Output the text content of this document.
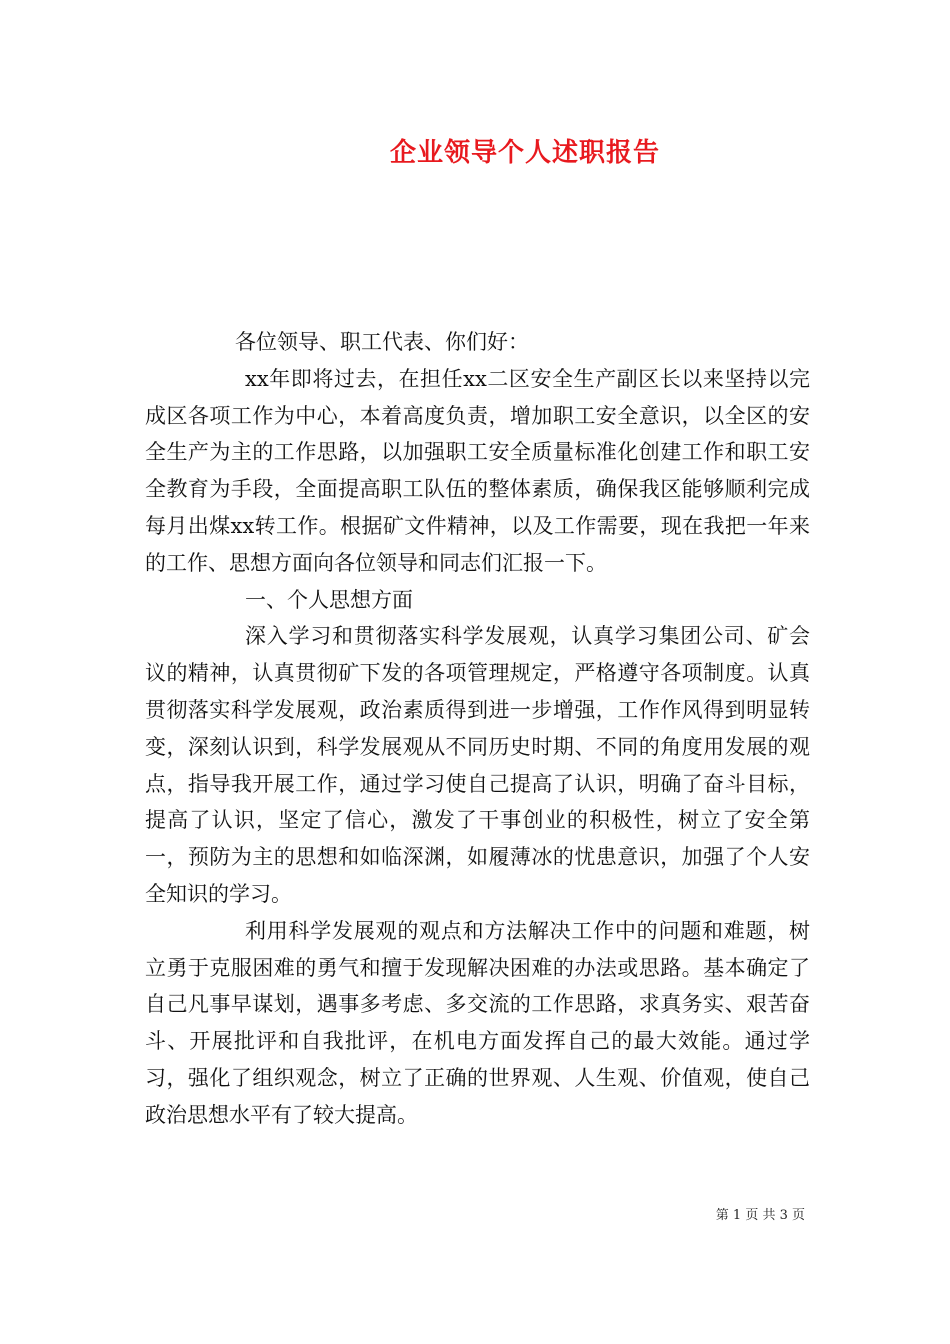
企业领导个人述职报告

各位领导、职工代表、你们好：

xx年即将过去，在担任xx二区安全生产副区长以来坚持以完成区各项工作为中心，本着高度负责，增加职工安全意识，以全区的安全生产为主的工作思路，以加强职工安全质量标准化创建工作和职工安全教育为手段，全面提高职工队伍的整体素质，确保我区能够顺利完成每月出煤xx转工作。根据矿文件精神，以及工作需要，现在我把一年来的工作、思想方面向各位领导和同志们汇报一下。

一、个人思想方面

深入学习和贯彻落实科学发展观，认真学习集团公司、矿会议的精神，认真贯彻矿下发的各项管理规定，严格遵守各项制度。认真贯彻落实科学发展观，政治素质得到进一步增强，工作作风得到明显转变，深刻认识到，科学发展观从不同历史时期、不同的角度用发展的观点，指导我开展工作，通过学习使自己提高了认识，明确了奋斗目标，提高了认识，坚定了信心，激发了干事创业的积极性，树立了安全第一，预防为主的思想和如临深渊，如履薄冰的忧患意识，加强了个人安全知识的学习。

利用科学发展观的观点和方法解决工作中的问题和难题，树立勇于克服困难的勇气和擅于发现解决困难的办法或思路。基本确定了自己凡事早谋划，遇事多考虑、多交流的工作思路，求真务实、艰苦奋斗、开展批评和自我批评，在机电方面发挥自己的最大效能。通过学习，强化了组织观念，树立了正确的世界观、人生观、价值观，使自己政治思想水平有了较大提高。

第 1 页 共 3 页
